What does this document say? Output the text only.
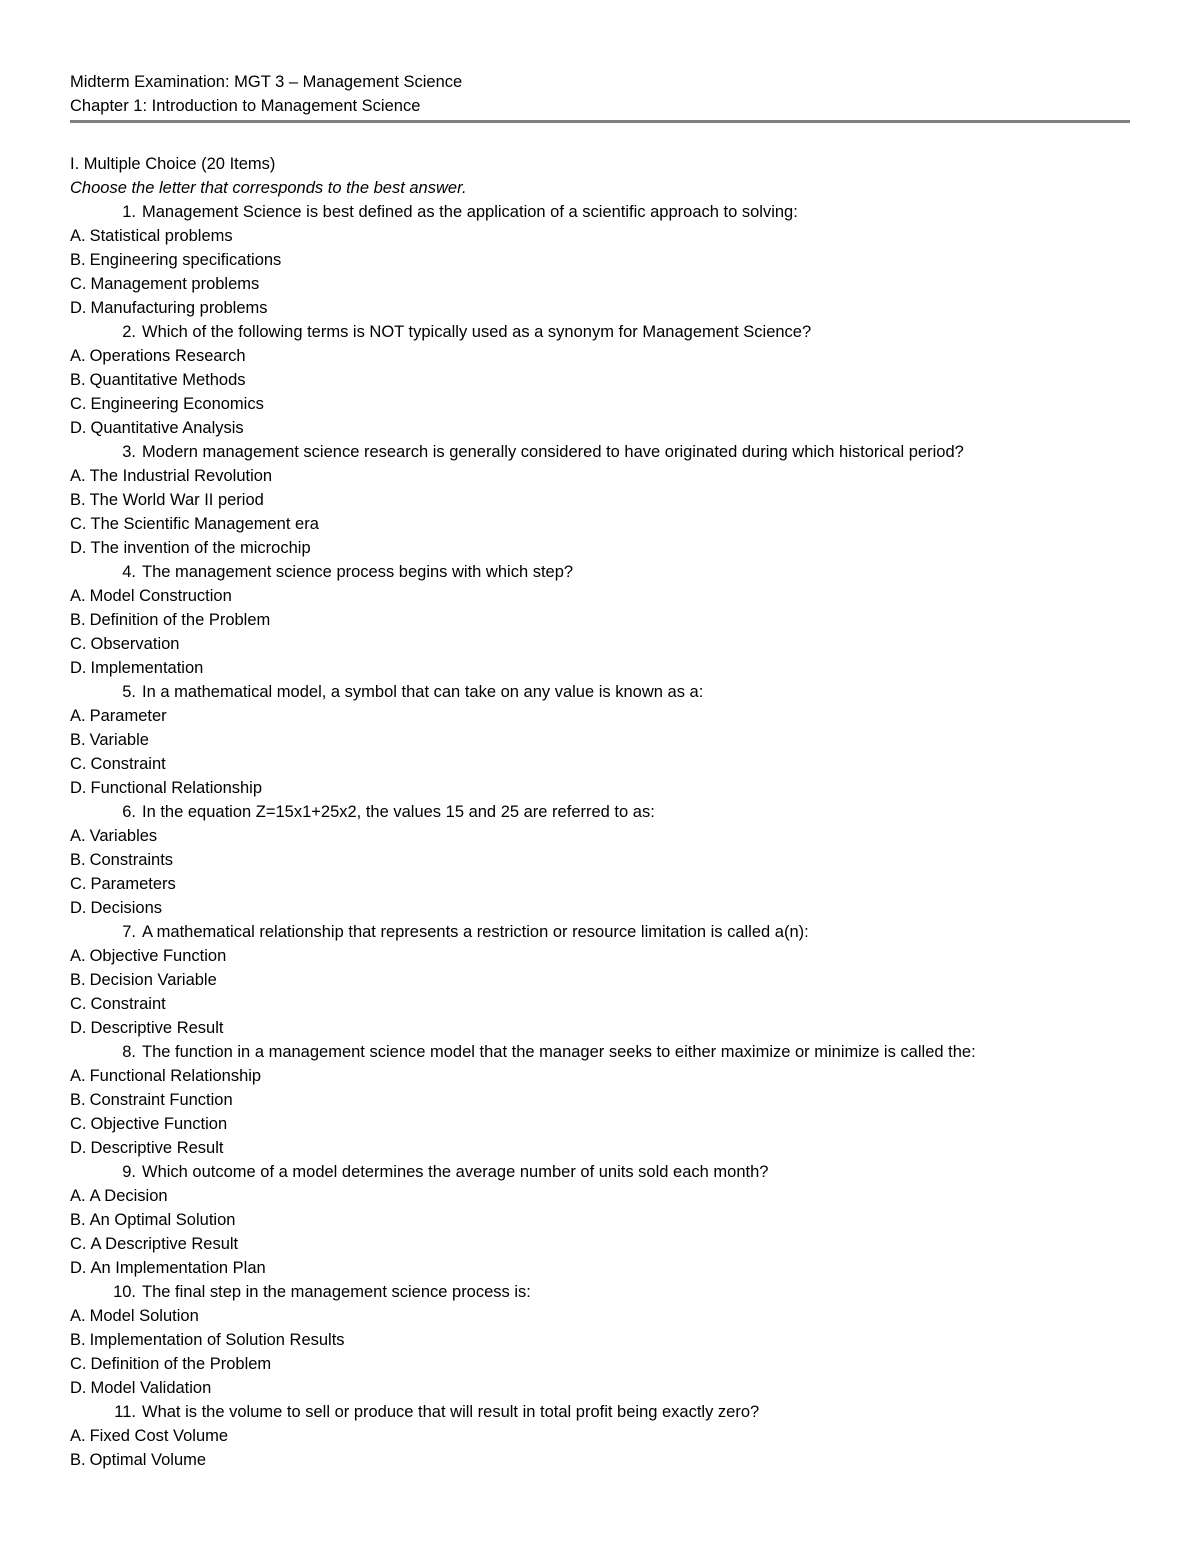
Midterm Examination: MGT 3 – Management Science
Chapter 1: Introduction to Management Science
I. Multiple Choice (20 Items)
Choose the letter that corresponds to the best answer.
1. Management Science is best defined as the application of a scientific approach to solving:
A. Statistical problems
B. Engineering specifications
C. Management problems
D. Manufacturing problems
2. Which of the following terms is NOT typically used as a synonym for Management Science?
A. Operations Research
B. Quantitative Methods
C. Engineering Economics
D. Quantitative Analysis
3. Modern management science research is generally considered to have originated during which historical period?
A. The Industrial Revolution
B. The World War II period
C. The Scientific Management era
D. The invention of the microchip
4. The management science process begins with which step?
A. Model Construction
B. Definition of the Problem
C. Observation
D. Implementation
5. In a mathematical model, a symbol that can take on any value is known as a:
A. Parameter
B. Variable
C. Constraint
D. Functional Relationship
6. In the equation Z=15x1+25x2, the values 15 and 25 are referred to as:
A. Variables
B. Constraints
C. Parameters
D. Decisions
7. A mathematical relationship that represents a restriction or resource limitation is called a(n):
A. Objective Function
B. Decision Variable
C. Constraint
D. Descriptive Result
8. The function in a management science model that the manager seeks to either maximize or minimize is called the:
A. Functional Relationship
B. Constraint Function
C. Objective Function
D. Descriptive Result
9. Which outcome of a model determines the average number of units sold each month?
A. A Decision
B. An Optimal Solution
C. A Descriptive Result
D. An Implementation Plan
10. The final step in the management science process is:
A. Model Solution
B. Implementation of Solution Results
C. Definition of the Problem
D. Model Validation
11. What is the volume to sell or produce that will result in total profit being exactly zero?
A. Fixed Cost Volume
B. Optimal Volume
